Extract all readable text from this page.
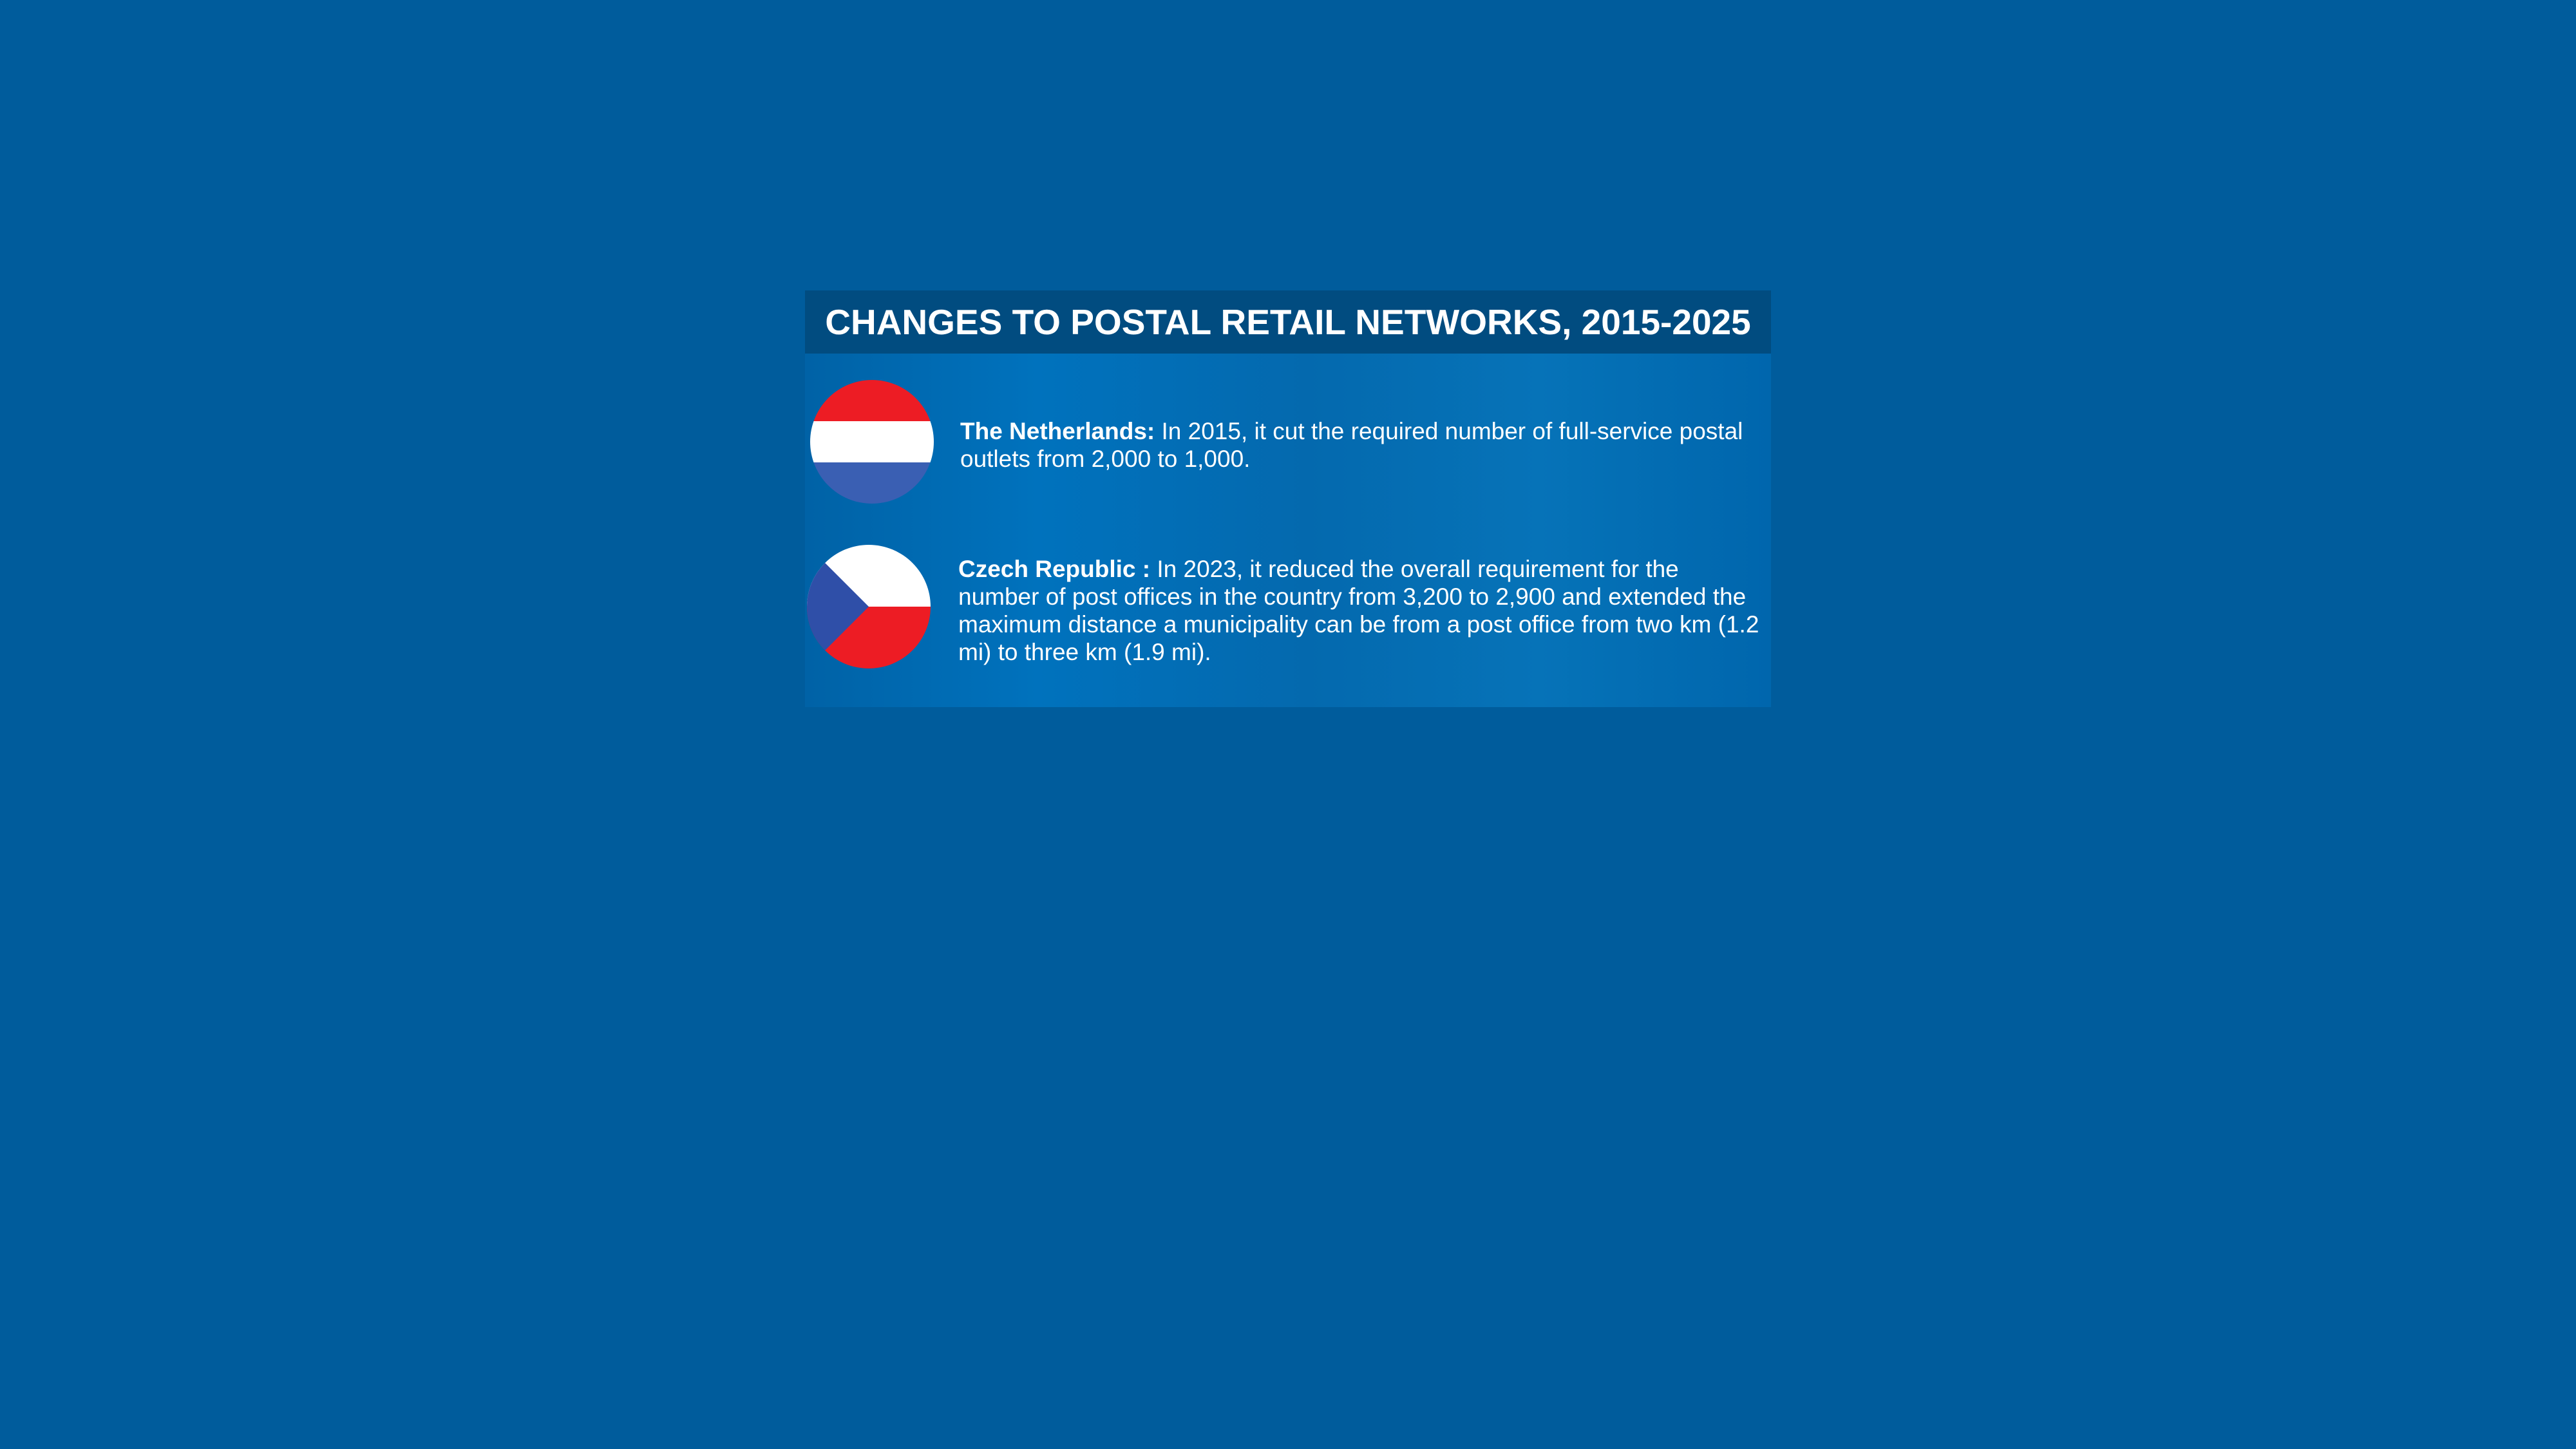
CHANGES TO POSTAL RETAIL NETWORKS, 2015-2025

The Netherlands: In 2015, it cut the required number of full-service postal outlets from 2,000 to 1,000.

Czech Republic : In 2023, it reduced the overall requirement for the number of post offices in the country from 3,200 to 2,900 and extended the maximum distance a municipality can be from a post office from two km (1.2 mi) to three km (1.9 mi).
